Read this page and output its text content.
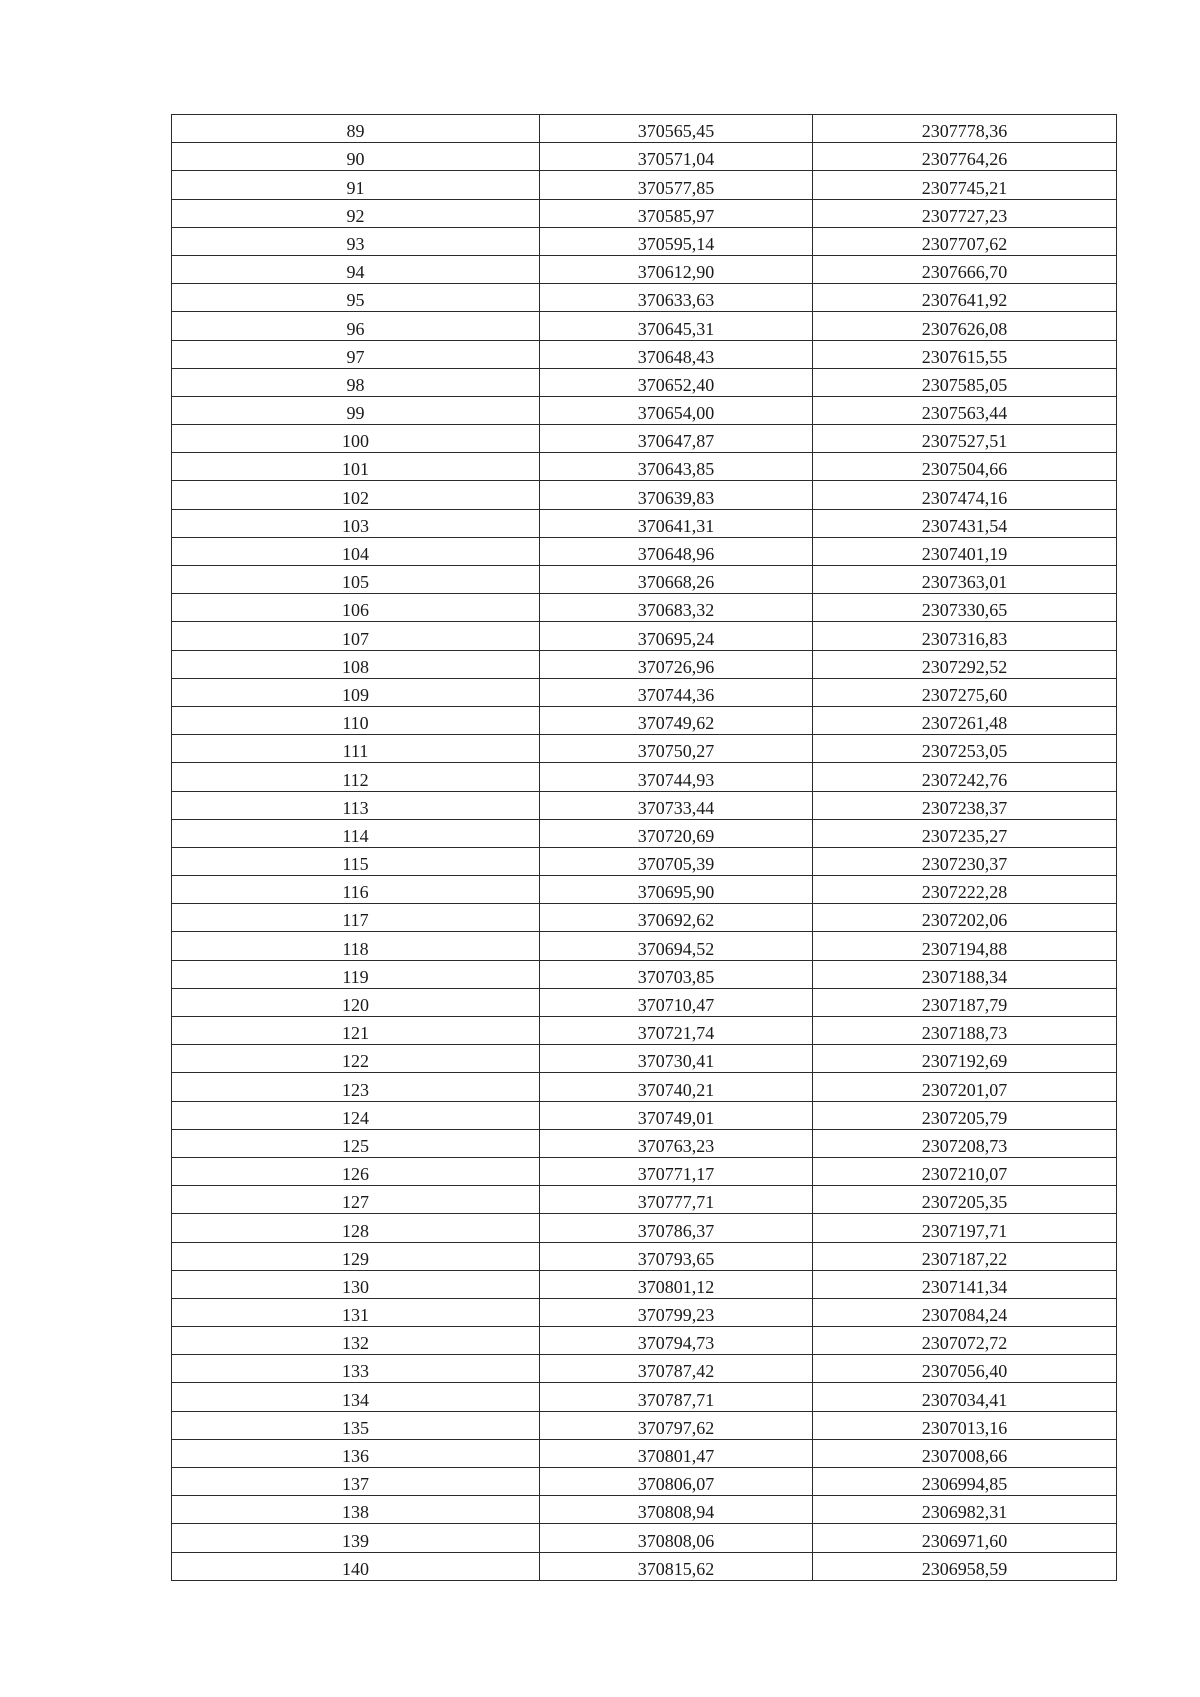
89	370565,45	2307778,36
90	370571,04	2307764,26
91	370577,85	2307745,21
92	370585,97	2307727,23
93	370595,14	2307707,62
94	370612,90	2307666,70
95	370633,63	2307641,92
96	370645,31	2307626,08
97	370648,43	2307615,55
98	370652,40	2307585,05
99	370654,00	2307563,44
100	370647,87	2307527,51
101	370643,85	2307504,66
102	370639,83	2307474,16
103	370641,31	2307431,54
104	370648,96	2307401,19
105	370668,26	2307363,01
106	370683,32	2307330,65
107	370695,24	2307316,83
108	370726,96	2307292,52
109	370744,36	2307275,60
110	370749,62	2307261,48
111	370750,27	2307253,05
112	370744,93	2307242,76
113	370733,44	2307238,37
114	370720,69	2307235,27
115	370705,39	2307230,37
116	370695,90	2307222,28
117	370692,62	2307202,06
118	370694,52	2307194,88
119	370703,85	2307188,34
120	370710,47	2307187,79
121	370721,74	2307188,73
122	370730,41	2307192,69
123	370740,21	2307201,07
124	370749,01	2307205,79
125	370763,23	2307208,73
126	370771,17	2307210,07
127	370777,71	2307205,35
128	370786,37	2307197,71
129	370793,65	2307187,22
130	370801,12	2307141,34
131	370799,23	2307084,24
132	370794,73	2307072,72
133	370787,42	2307056,40
134	370787,71	2307034,41
135	370797,62	2307013,16
136	370801,47	2307008,66
137	370806,07	2306994,85
138	370808,94	2306982,31
139	370808,06	2306971,60
140	370815,62	2306958,59
